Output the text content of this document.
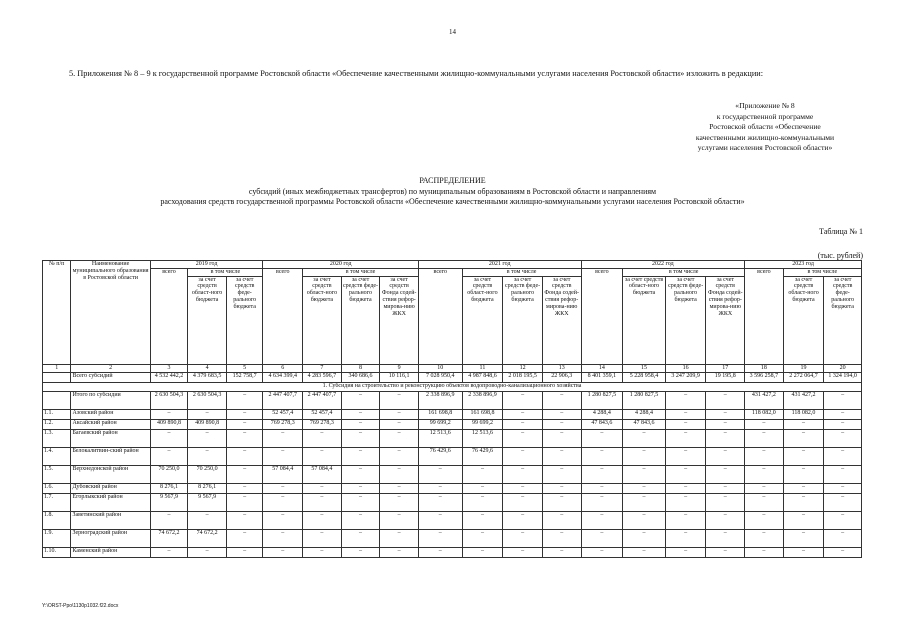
14
5. Приложения № 8 – 9 к государственной программе Ростовской области «Обеспечение качественными жилищно-коммунальными услугами населения Ростовской области» изложить в редакции:
«Приложение № 8
к государственной программе
Ростовской области «Обеспечение
качественными жилищно-коммунальными
услугами населения Ростовской области»
РАСПРЕДЕЛЕНИЕ
субсидий (иных межбюджетных трансфертов) по муниципальным образованиям в Ростовской области и направлениям
расходования средств государственной программы Ростовской области «Обеспечение качественными жилищно-коммунальными услугами населения Ростовской области»
Таблица № 1
(тыс. рублей)
№ п/п	Наименование муниципального образования в Ростовской области	2019 год			2020 год				2021 год				2022 год				2023 год		
		всего	в том числе		всего	в том числе			всего	в том числе			всего	в том числе			всего	в том числе	
			за счет средств област-ного бюджета	за счет средств феде-рального бюджета		за счет средств област-ного бюджета	за счет средств феде-рального бюджета	за счет средств Фонда содей-ствия рефор-мирова-нию ЖКХ		за счет средств област-ного бюджета	за счет средств феде-рального бюджета	за счет средств Фонда содей-ствия рефор-мирова-нию ЖКХ		за счет средств област-ного бюджета	за счет средств феде-рального бюджета	за счет средств Фонда содей-ствия рефор-мирова-нию ЖКХ		за счет средств област-ного бюджета	за счет средств феде-рального бюджета
1	2	3	4	5	6	7	8	9	10	11	12	13	14	15	16	17	18	19	20
	Всего субсидий	4 532 442,2	4 379 683,5	152 758,7	4 634 399,4	4 283 596,7	340 686,6	10 116,1	7 028 950,4	4 987 848,6	2 018 195,5	22 906,3	8 401 359,1	5 228 958,4	3 247 209,9	19 195,8	3 596 258,7	2 272 064,7	1 324 194,0
1. Субсидия на строительство и реконструкцию объектов водопроводно-канализационного хозяйства																			
	Итого по субсидии	2 630 504,3	2 630 504,3	–	2 447 407,7	2 447 407,7	–	–	2 338 896,9	2 338 896,9	–	–	1 280 827,5	1 280 827,5	–	–	431 427,2	431 427,2	–
1.1.	Азовский район	–	–	–	52 457,4	52 457,4	–	–	161 698,8	161 698,8	–	–	4 288,4	4 288,4	–	–	118 082,0	118 082,0	–
1.2.	Аксайский район	409 890,8	409 890,8	–	769 278,3	769 278,3	–	–	99 699,2	99 699,2	–	–	47 843,6	47 843,6	–	–	–	–	–
1.3.	Багаевский район	–	–	–	–	–	–	–	12 513,6	12 513,6	–	–	–	–	–	–	–	–	–
1.4.	Белокалитвин-ский район	–	–	–	–	–	–	–	76 429,6	76 429,6	–	–	–	–	–	–	–	–	–
1.5.	Верхнедонской район	70 250,0	70 250,0	–	57 084,4	57 084,4	–	–	–	–	–	–	–	–	–	–	–	–	–
1.6.	Дубовский район	8 276,1	8 276,1	–	–	–	–	–	–	–	–	–	–	–	–	–	–	–	–
1.7.	Егорлыкский район	9 567,9	9 567,9	–	–	–	–	–	–	–	–	–	–	–	–	–	–	–	–
1.8.	Заветинский район	–	–	–	–	–	–	–	–	–	–	–	–	–	–	–	–	–	–
1.9.	Зерноградский район	74 672,2	74 672,2	–	–	–	–	–	–	–	–	–	–	–	–	–	–	–	–
1.10.	Каменский район	–	–	–	–	–	–	–	–	–	–	–	–	–	–	–	–	–	–
Y:\ORST-Ppo\1130p1032.f22.docx
